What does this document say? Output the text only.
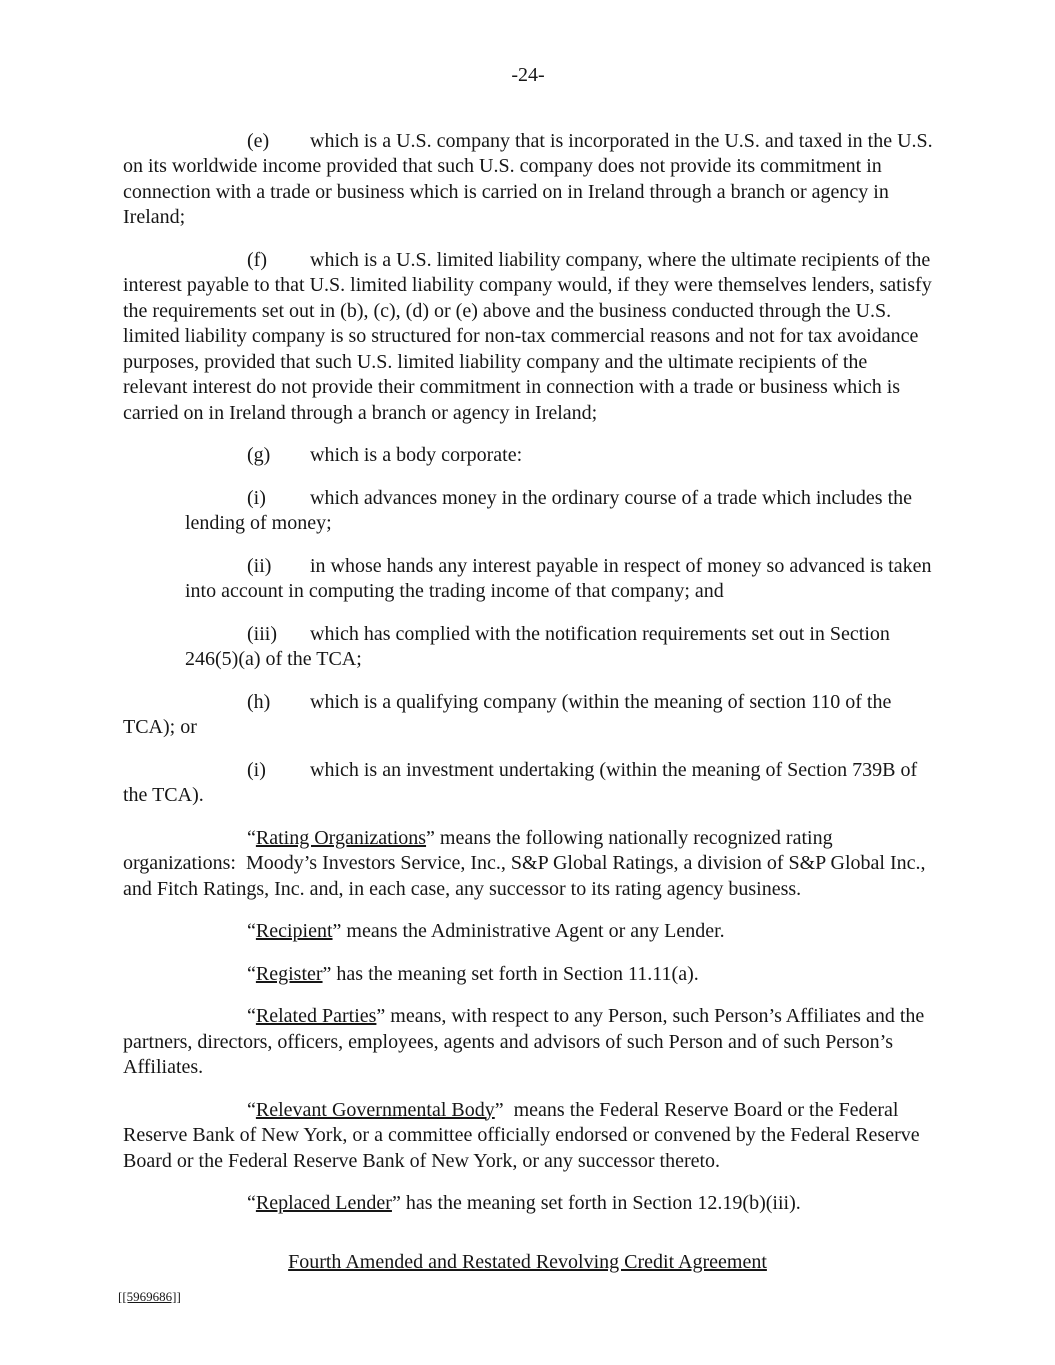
-24-

(e) which is a U.S. company that is incorporated in the U.S. and taxed in the U.S. on its worldwide income provided that such U.S. company does not provide its commitment in connection with a trade or business which is carried on in Ireland through a branch or agency in Ireland;

(f) which is a U.S. limited liability company, where the ultimate recipients of the interest payable to that U.S. limited liability company would, if they were themselves lenders, satisfy the requirements set out in (b), (c), (d) or (e) above and the business conducted through the U.S. limited liability company is so structured for non-tax commercial reasons and not for tax avoidance purposes, provided that such U.S. limited liability company and the ultimate recipients of the relevant interest do not provide their commitment in connection with a trade or business which is carried on in Ireland through a branch or agency in Ireland;

(g) which is a body corporate:

(i) which advances money in the ordinary course of a trade which includes the lending of money;

(ii) in whose hands any interest payable in respect of money so advanced is taken into account in computing the trading income of that company; and

(iii) which has complied with the notification requirements set out in Section 246(5)(a) of the TCA;

(h) which is a qualifying company (within the meaning of section 110 of the TCA); or

(i) which is an investment undertaking (within the meaning of Section 739B of the TCA).

“Rating Organizations” means the following nationally recognized rating organizations:  Moody’s Investors Service, Inc., S&P Global Ratings, a division of S&P Global Inc., and Fitch Ratings, Inc. and, in each case, any successor to its rating agency business.

“Recipient” means the Administrative Agent or any Lender.

“Register” has the meaning set forth in Section 11.11(a).

“Related Parties” means, with respect to any Person, such Person’s Affiliates and the partners, directors, officers, employees, agents and advisors of such Person and of such Person’s Affiliates.

“Relevant Governmental Body”  means the Federal Reserve Board or the Federal Reserve Bank of New York, or a committee officially endorsed or convened by the Federal Reserve Board or the Federal Reserve Bank of New York, or any successor thereto.

“Replaced Lender” has the meaning set forth in Section 12.19(b)(iii).

Fourth Amended and Restated Revolving Credit Agreement
[[5969686]]
